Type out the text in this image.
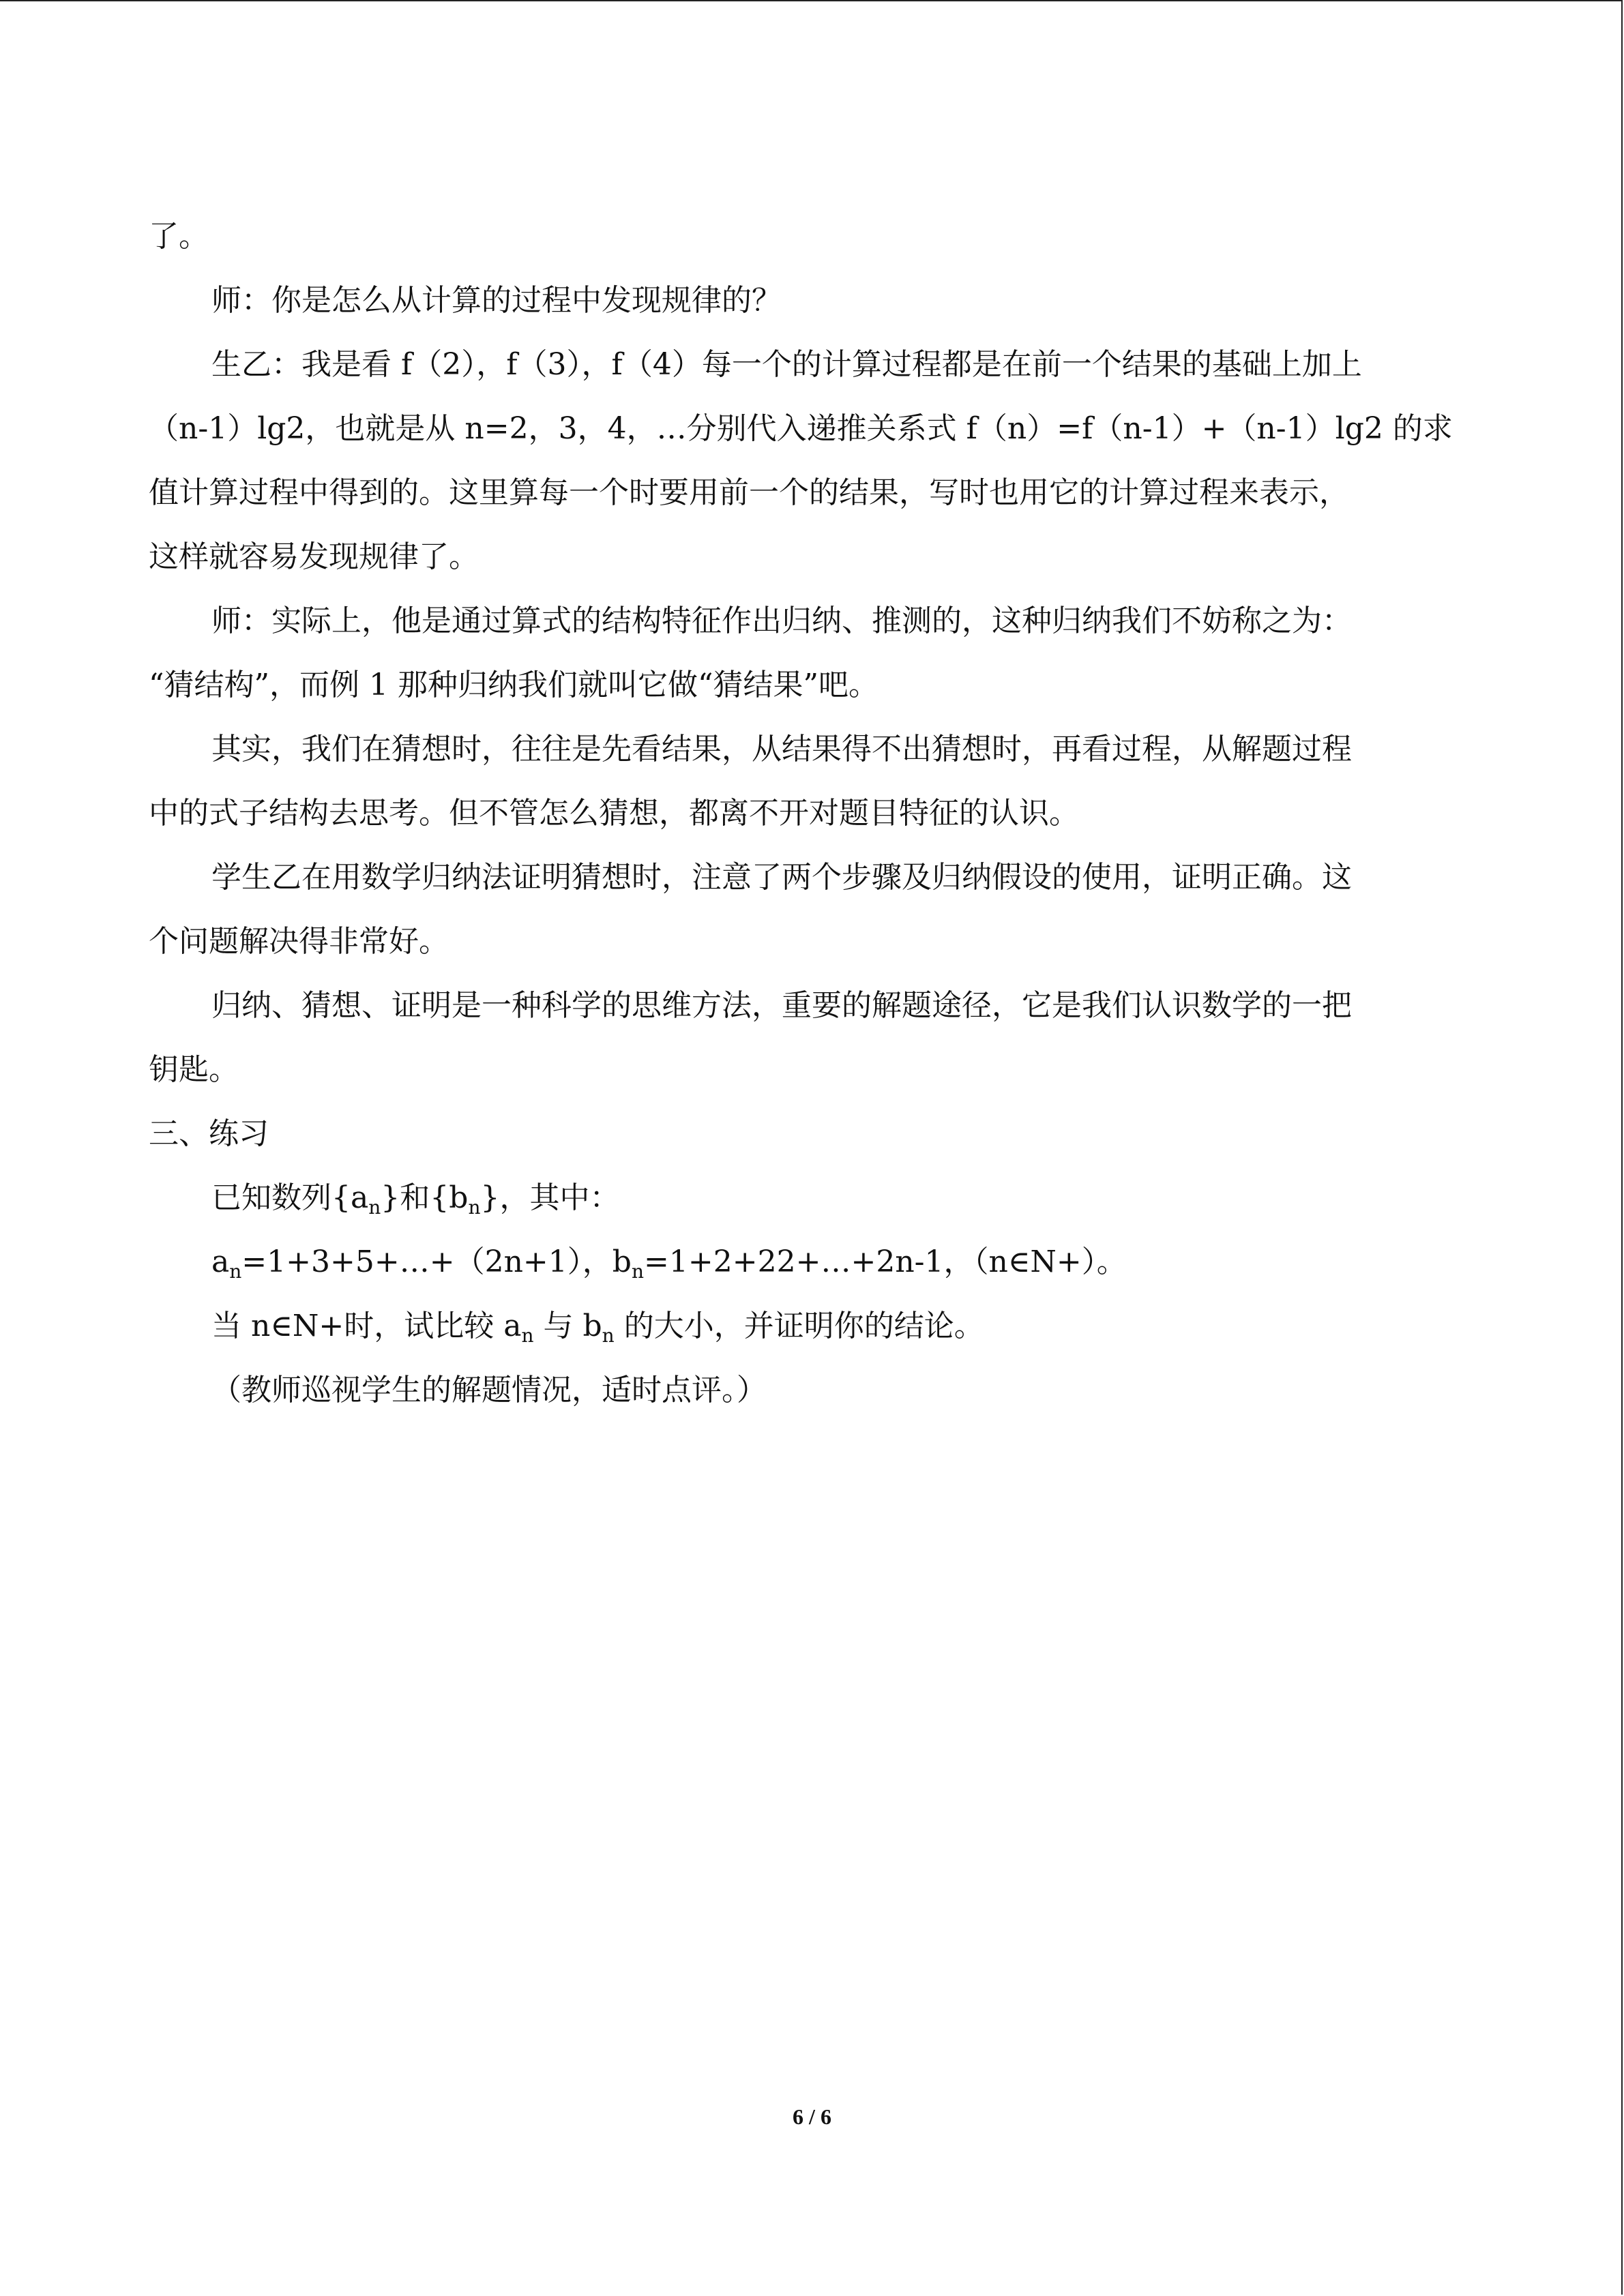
了。
师：你是怎么从计算的过程中发现规律的？
生乙：我是看 f（2），f（3），f（4）每一个的计算过程都是在前一个结果的基础上加上
（n-1）lg2，也就是从 n=2，3，4，…分别代入递推关系式 f（n）=f（n-1）+（n-1）lg2 的求
值计算过程中得到的。这里算每一个时要用前一个的结果，写时也用它的计算过程来表示，
这样就容易发现规律了。
师：实际上，他是通过算式的结构特征作出归纳、推测的，这种归纳我们不妨称之为：
“猜结构”，而例 1 那种归纳我们就叫它做“猜结果”吧。
其实，我们在猜想时，往往是先看结果，从结果得不出猜想时，再看过程，从解题过程
中的式子结构去思考。但不管怎么猜想，都离不开对题目特征的认识。
学生乙在用数学归纳法证明猜想时，注意了两个步骤及归纳假设的使用，证明正确。这
个问题解决得非常好。
归纳、猜想、证明是一种科学的思维方法，重要的解题途径，它是我们认识数学的一把
钥匙。
三、练习
已知数列$\{a_n\}$和$\{b_n\}$，其中：
$a_n=1+3+5+\dots+(2n+1)$，$b_n=1+2+22+\dots+2n-1$，（n∈N+）。
当 n∈N+时，试比较 $a_n$ 与 $b_n$ 的大小，并证明你的结论。
（教师巡视学生的解题情况，适时点评。）
6 / 6
